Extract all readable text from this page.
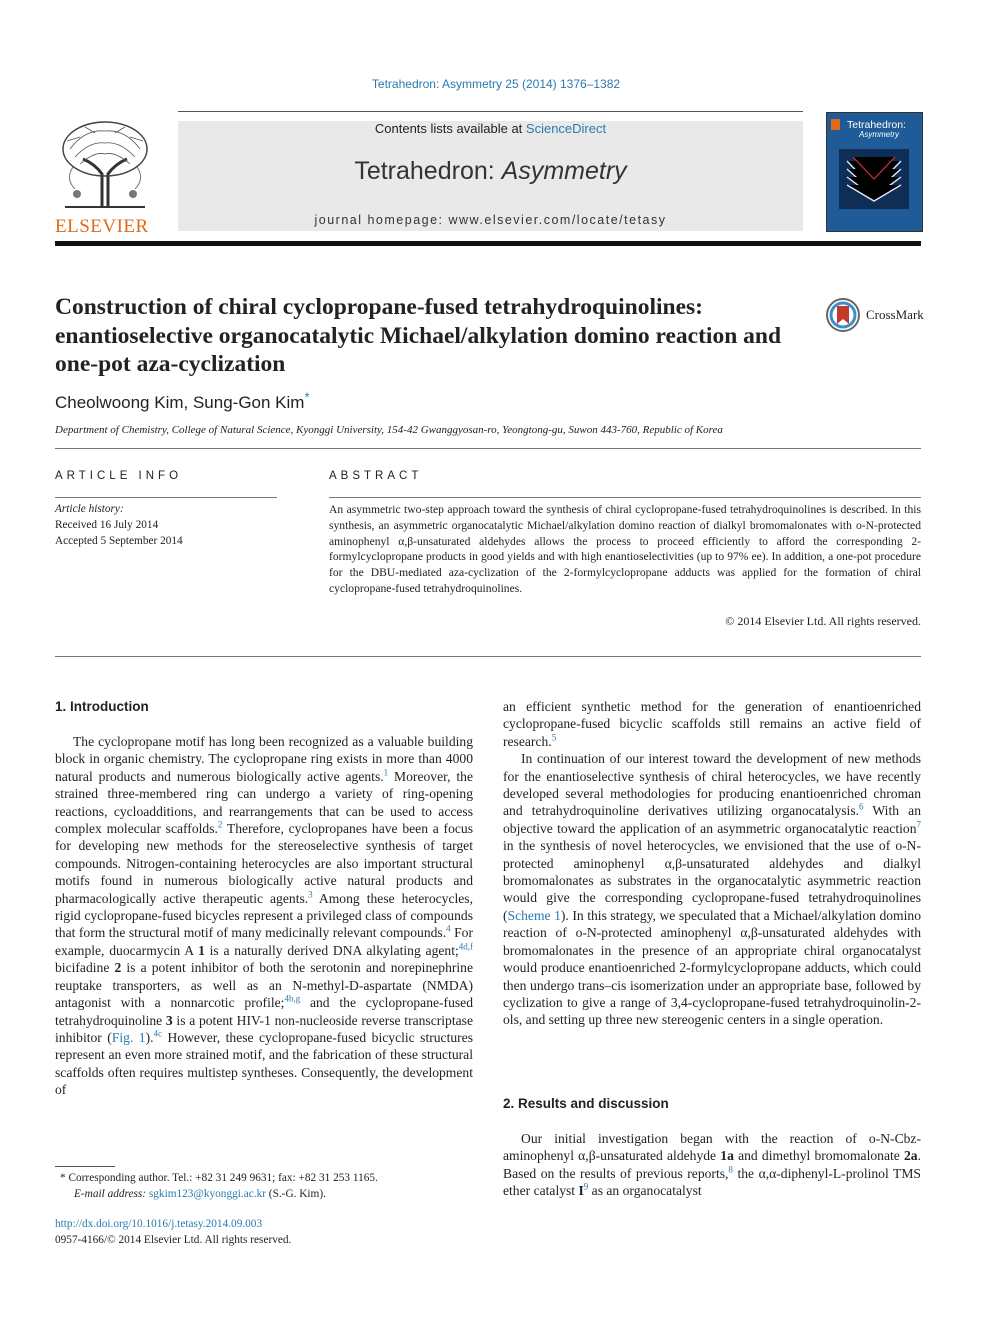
Tetrahedron: Asymmetry 25 (2014) 1376–1382
ELSEVIER
Contents lists available at ScienceDirect
Tetrahedron: Asymmetry
journal homepage: www.elsevier.com/locate/tetasy
Tetrahedron:
Asymmetry
Construction of chiral cyclopropane-fused tetrahydroquinolines: enantioselective organocatalytic Michael/alkylation domino reaction and one-pot aza-cyclization
CrossMark
Cheolwoong Kim, Sung-Gon Kim*
Department of Chemistry, College of Natural Science, Kyonggi University, 154-42 Gwanggyosan-ro, Yeongtong-gu, Suwon 443-760, Republic of Korea
ARTICLE INFO
Article history:
Received 16 July 2014
Accepted 5 September 2014
ABSTRACT
An asymmetric two-step approach toward the synthesis of chiral cyclopropane-fused tetrahydroquinolines is described. In this synthesis, an asymmetric organocatalytic Michael/alkylation domino reaction of dialkyl bromomalonates with o-N-protected aminophenyl α,β-unsaturated aldehydes allows the process to proceed efficiently to afford the corresponding 2-formylcyclopropane products in good yields and with high enantioselectivities (up to 97% ee). In addition, a one-pot procedure for the DBU-mediated aza-cyclization of the 2-formylcyclopropane adducts was applied for the formation of chiral cyclopropane-fused tetrahydroquinolines.
© 2014 Elsevier Ltd. All rights reserved.
1. Introduction

The cyclopropane motif has long been recognized as a valuable building block in organic chemistry. The cyclopropane ring exists in more than 4000 natural products and numerous biologically active agents.$^1$ Moreover, the strained three-membered ring can undergo a variety of ring-opening reactions, cycloadditions, and rearrangements that can be used to access complex molecular scaffolds.$^2$ Therefore, cyclopropanes have been a focus for developing new methods for the stereoselective synthesis of target compounds. Nitrogen-containing heterocycles are also important structural motifs found in numerous biologically active natural products and pharmacologically active therapeutic agents.$^3$ Among these heterocycles, rigid cyclopropane-fused bicycles represent a privileged class of compounds that form the structural motif of many medicinally relevant compounds.$^4$ For example, duocarmycin A 1 is a naturally derived DNA alkylating agent;$^{4d,f}$ bicifadine 2 is a potent inhibitor of both the serotonin and norepinephrine reuptake transporters, as well as an N-methyl-D-aspartate (NMDA) antagonist with a nonnarcotic profile;$^{4b,g}$ and the cyclopropane-fused tetrahydroquinoline 3 is a potent HIV-1 non-nucleoside reverse transcriptase inhibitor (Fig. 1).$^{4c}$ However, these cyclopropane-fused bicyclic structures represent an even more strained motif, and the fabrication of these structural scaffolds often requires multistep syntheses. Consequently, the development of

* Corresponding author. Tel.: +82 31 249 9631; fax: +82 31 253 1165.
E-mail address: sgkim123@kyonggi.ac.kr (S.-G. Kim).
http://dx.doi.org/10.1016/j.tetasy.2014.09.003
0957-4166/© 2014 Elsevier Ltd. All rights reserved.

an efficient synthetic method for the generation of enantioenriched cyclopropane-fused bicyclic scaffolds still remains an active field of research.$^5$

In continuation of our interest toward the development of new methods for the enantioselective synthesis of chiral heterocycles, we have recently developed several methodologies for producing enantioenriched chroman and tetrahydroquinoline derivatives utilizing organocatalysis.$^6$ With an objective toward the application of an asymmetric organocatalytic reaction$^7$ in the synthesis of novel heterocycles, we envisioned that the use of o-N-protected aminophenyl α,β-unsaturated aldehydes and dialkyl bromomalonates as substrates in the organocatalytic asymmetric reaction would give the corresponding cyclopropane-fused tetrahydroquinolines (Scheme 1). In this strategy, we speculated that a Michael/alkylation domino reaction of o-N-protected aminophenyl α,β-unsaturated aldehydes with bromomalonates in the presence of an appropriate chiral organocatalyst would produce enantioenriched 2-formylcyclopropane adducts, which could then undergo trans–cis isomerization under an appropriate base, followed by cyclization to give a range of 3,4-cyclopropane-fused tetrahydroquinolin-2-ols, and setting up three new stereogenic centers in a single operation.

2. Results and discussion

Our initial investigation began with the reaction of o-N-Cbz-aminophenyl α,β-unsaturated aldehyde 1a and dimethyl bromomalonate 2a. Based on the results of previous reports,$^8$ the α,α-diphenyl-L-prolinol TMS ether catalyst $I^9$ as an organocatalyst
